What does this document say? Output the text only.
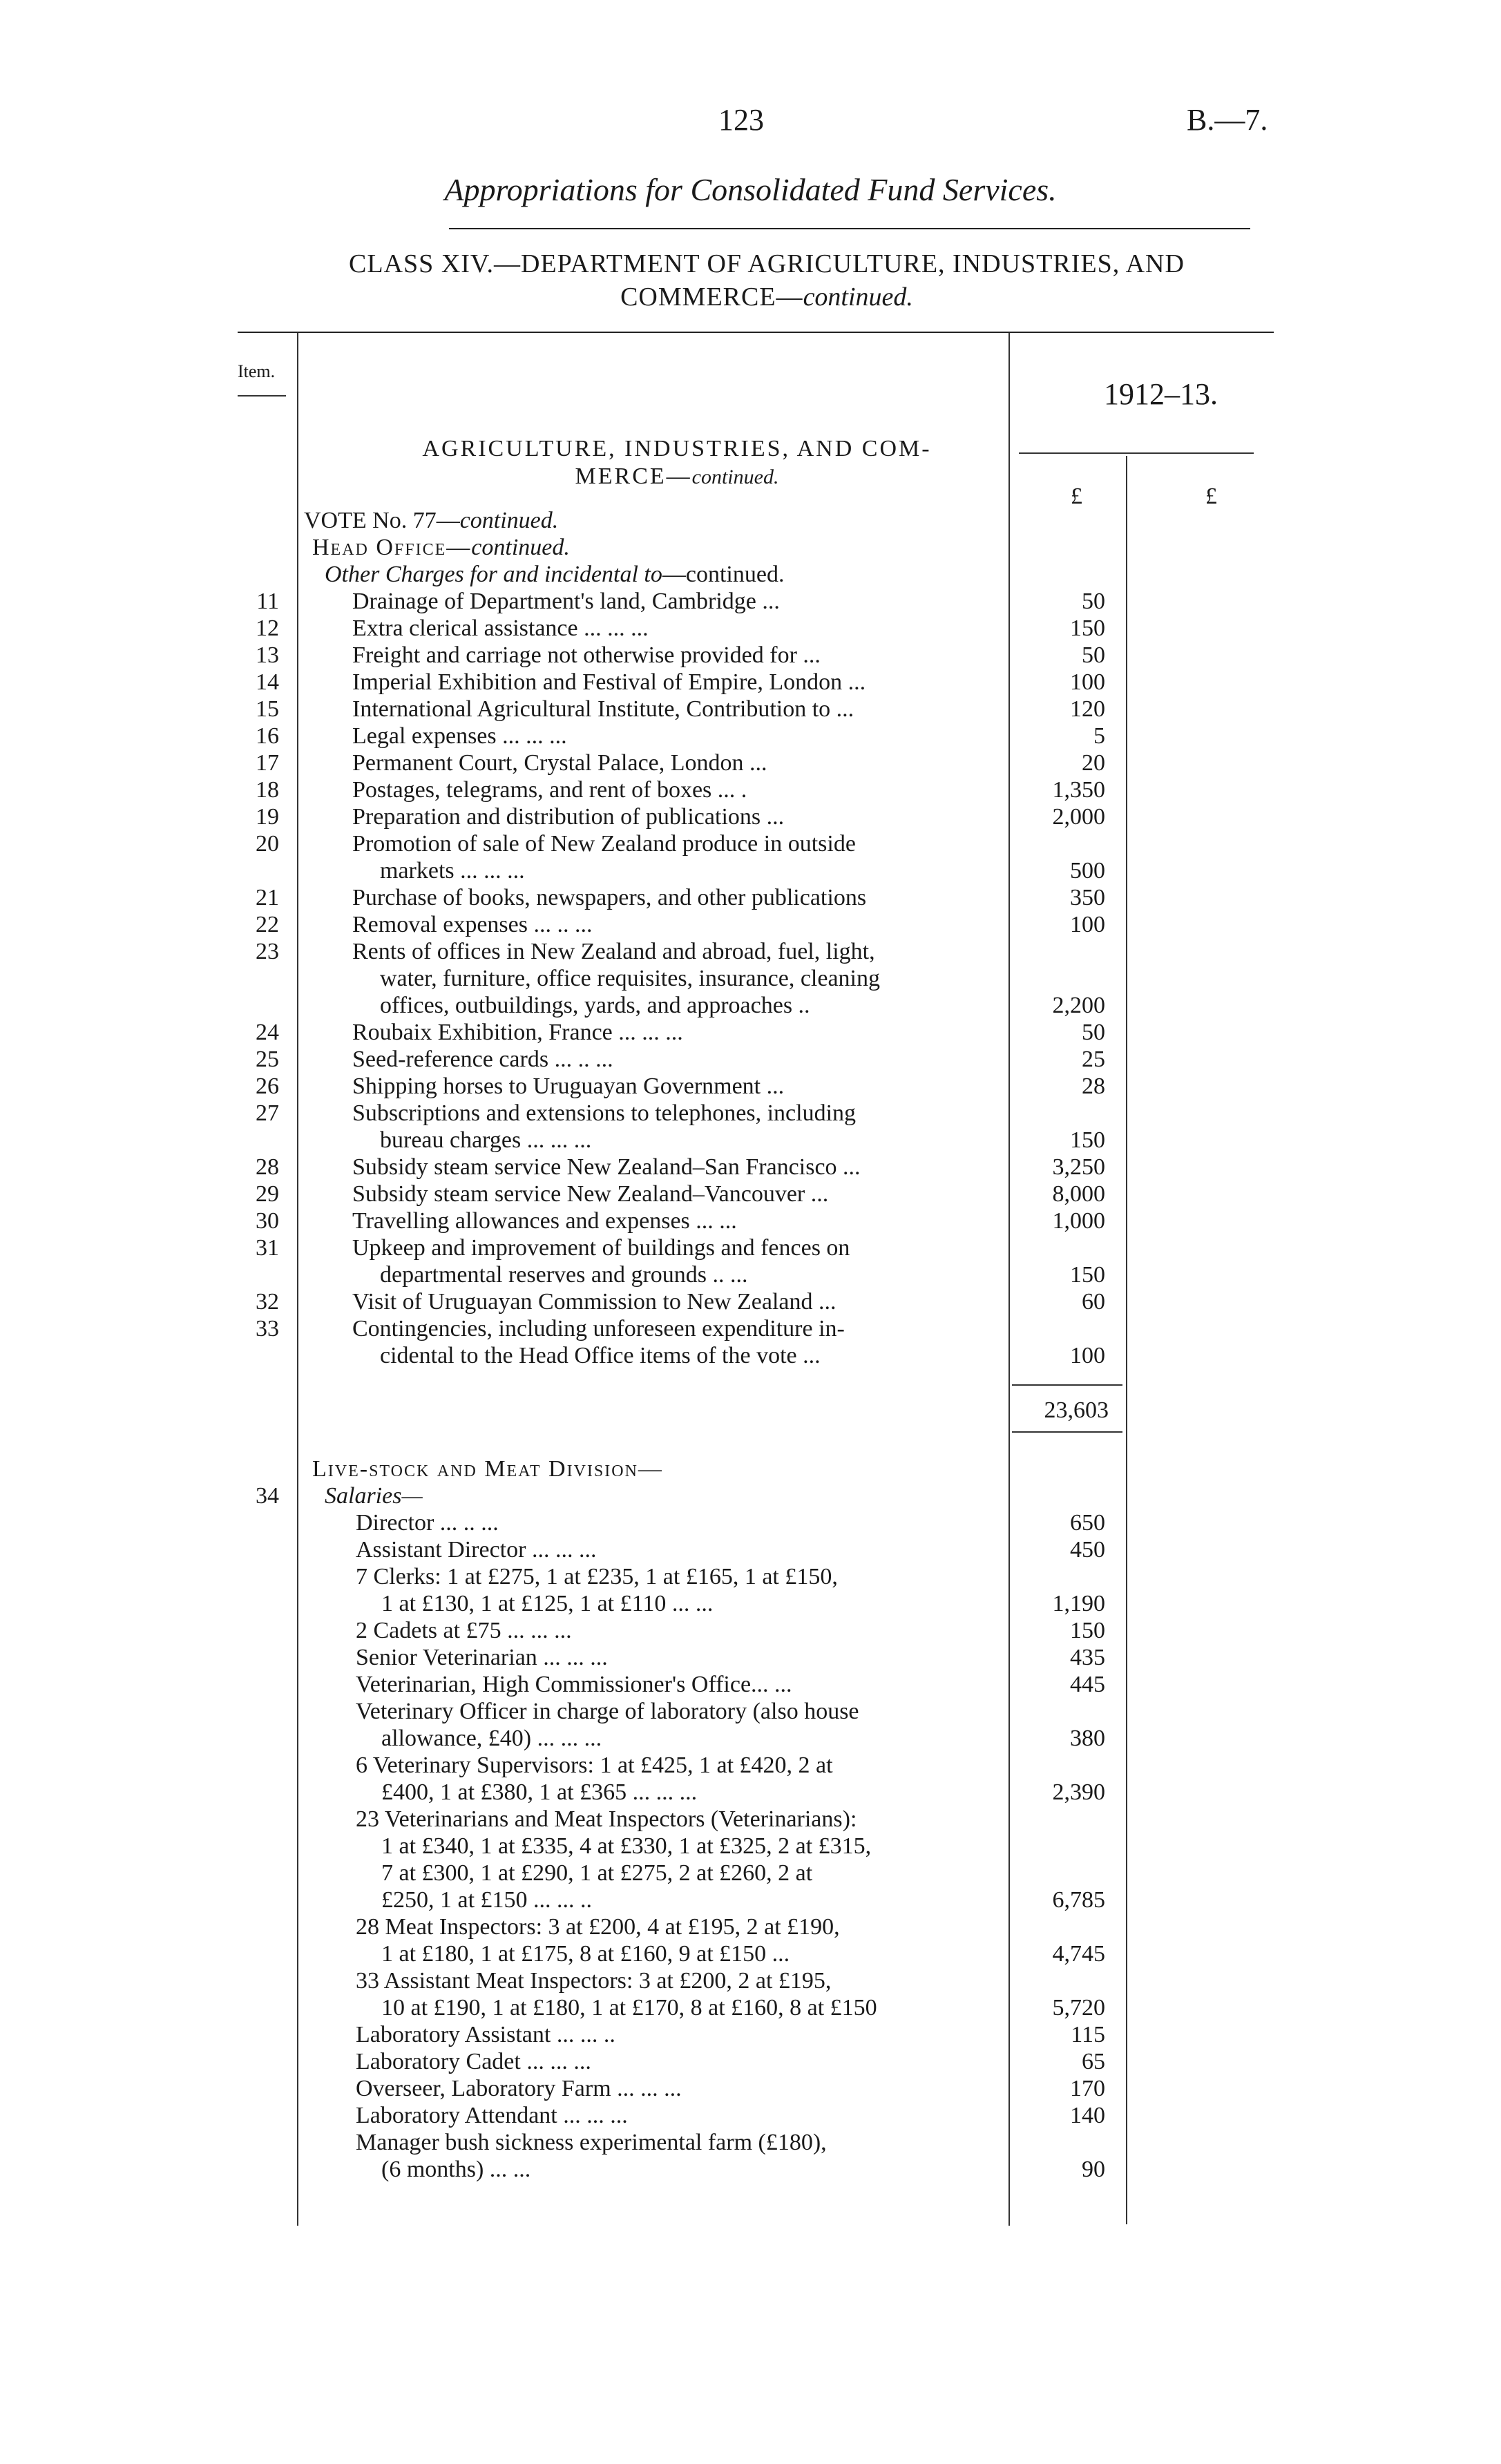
123	B.—7.
Appropriations for Consolidated Fund Services.
CLASS XIV.—DEPARTMENT OF AGRICULTURE, INDUSTRIES, AND
COMMERCE—continued.
Item.
1912–13.
AGRICULTURE, INDUSTRIES, AND COM-
MERCE—continued.
£	£
VOTE No. 77—continued.
Head Office—continued.
Other Charges for and incidental to—continued.
11	Drainage of Department's land, Cambridge ...	50
12	Extra clerical assistance ... ... ...	150
13	Freight and carriage not otherwise provided for ...	50
14	Imperial Exhibition and Festival of Empire, London ...	100
15	International Agricultural Institute, Contribution to ...	120
16	Legal expenses ... ... ...	5
17	Permanent Court, Crystal Palace, London ...	20
18	Postages, telegrams, and rent of boxes ... .	1,350
19	Preparation and distribution of publications ...	2,000
20	Promotion of sale of New Zealand produce in outside
markets ... ... ...	500
21	Purchase of books, newspapers, and other publications	350
22	Removal expenses ... .. ...	100
23	Rents of offices in New Zealand and abroad, fuel, light,
water, furniture, office requisites, insurance, cleaning
offices, outbuildings, yards, and approaches ..	2,200
24	Roubaix Exhibition, France ... ... ...	50
25	Seed-reference cards ... .. ...	25
26	Shipping horses to Uruguayan Government ...	28
27	Subscriptions and extensions to telephones, including
bureau charges ... ... ...	150
28	Subsidy steam service New Zealand–San Francisco ...	3,250
29	Subsidy steam service New Zealand–Vancouver ...	8,000
30	Travelling allowances and expenses ... ...	1,000
31	Upkeep and improvement of buildings and fences on
departmental reserves and grounds .. ...	150
32	Visit of Uruguayan Commission to New Zealand ...	60
33	Contingencies, including unforeseen expenditure in-
cidental to the Head Office items of the vote ...	100
23,603
Live-stock and Meat Division—
34 Salaries—
Director ... .. ...	650
Assistant Director ... ... ...	450
7 Clerks: 1 at £275, 1 at £235, 1 at £165, 1 at £150,
1 at £130, 1 at £125, 1 at £110 ... ...	1,190
2 Cadets at £75 ... ... ...	150
Senior Veterinarian ... ... ...	435
Veterinarian, High Commissioner's Office... ...	445
Veterinary Officer in charge of laboratory (also house
allowance, £40) ... ... ...	380
6 Veterinary Supervisors: 1 at £425, 1 at £420, 2 at
£400, 1 at £380, 1 at £365 ... ... ...	2,390
23 Veterinarians and Meat Inspectors (Veterinarians):
1 at £340, 1 at £335, 4 at £330, 1 at £325, 2 at £315,
7 at £300, 1 at £290, 1 at £275, 2 at £260, 2 at
£250, 1 at £150 ... ... ..	6,785
28 Meat Inspectors: 3 at £200, 4 at £195, 2 at £190,
1 at £180, 1 at £175, 8 at £160, 9 at £150 ...	4,745
33 Assistant Meat Inspectors: 3 at £200, 2 at £195,
10 at £190, 1 at £180, 1 at £170, 8 at £160, 8 at £150	5,720
Laboratory Assistant ... ... ..	115
Laboratory Cadet ... ... ...	65
Overseer, Laboratory Farm ... ... ...	170
Laboratory Attendant ... ... ...	140
Manager bush sickness experimental farm (£180),
(6 months) ... ...	90
